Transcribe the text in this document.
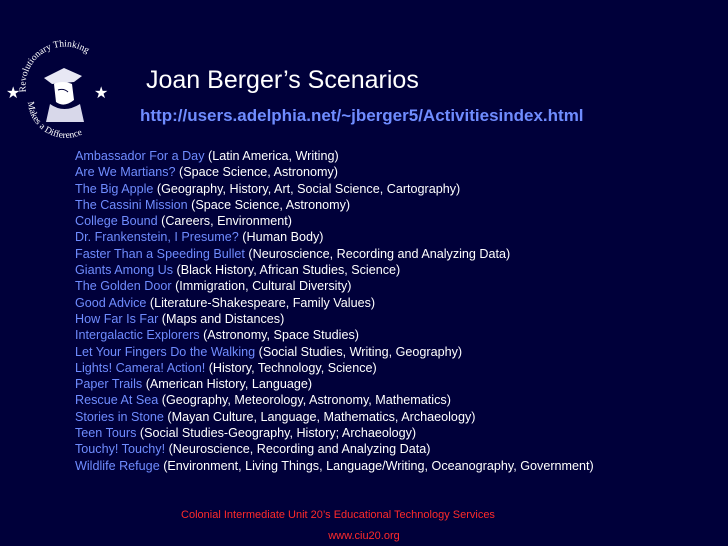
Revolutionary Thinking
Makes a Difference
★	★ Joan Berger’s Scenarios
http://users.adelphia.net/~jberger5/Activitiesindex.html
Ambassador For a Day (Latin America, Writing)
Are We Martians? (Space Science, Astronomy)
The Big Apple (Geography, History, Art, Social Science, Cartography)
The Cassini Mission (Space Science, Astronomy)
College Bound (Careers, Environment)
Dr. Frankenstein, I Presume? (Human Body)
Faster Than a Speeding Bullet (Neuroscience, Recording and Analyzing Data)
Giants Among Us (Black History, African Studies, Science)
The Golden Door (Immigration, Cultural Diversity)
Good Advice (Literature-Shakespeare, Family Values)
How Far Is Far (Maps and Distances)
Intergalactic Explorers (Astronomy, Space Studies)
Let Your Fingers Do the Walking (Social Studies, Writing, Geography)
Lights! Camera! Action! (History, Technology, Science)
Paper Trails (American History, Language)
Rescue At Sea (Geography, Meteorology, Astronomy, Mathematics)
Stories in Stone (Mayan Culture, Language, Mathematics, Archaeology)
Teen Tours (Social Studies-Geography, History; Archaeology)
Touchy! Touchy! (Neuroscience, Recording and Analyzing Data)
Wildlife Refuge (Environment, Living Things, Language/Writing, Oceanography, Government)
Colonial Intermediate Unit 20’s Educational Technology Services
www.ciu20.org
